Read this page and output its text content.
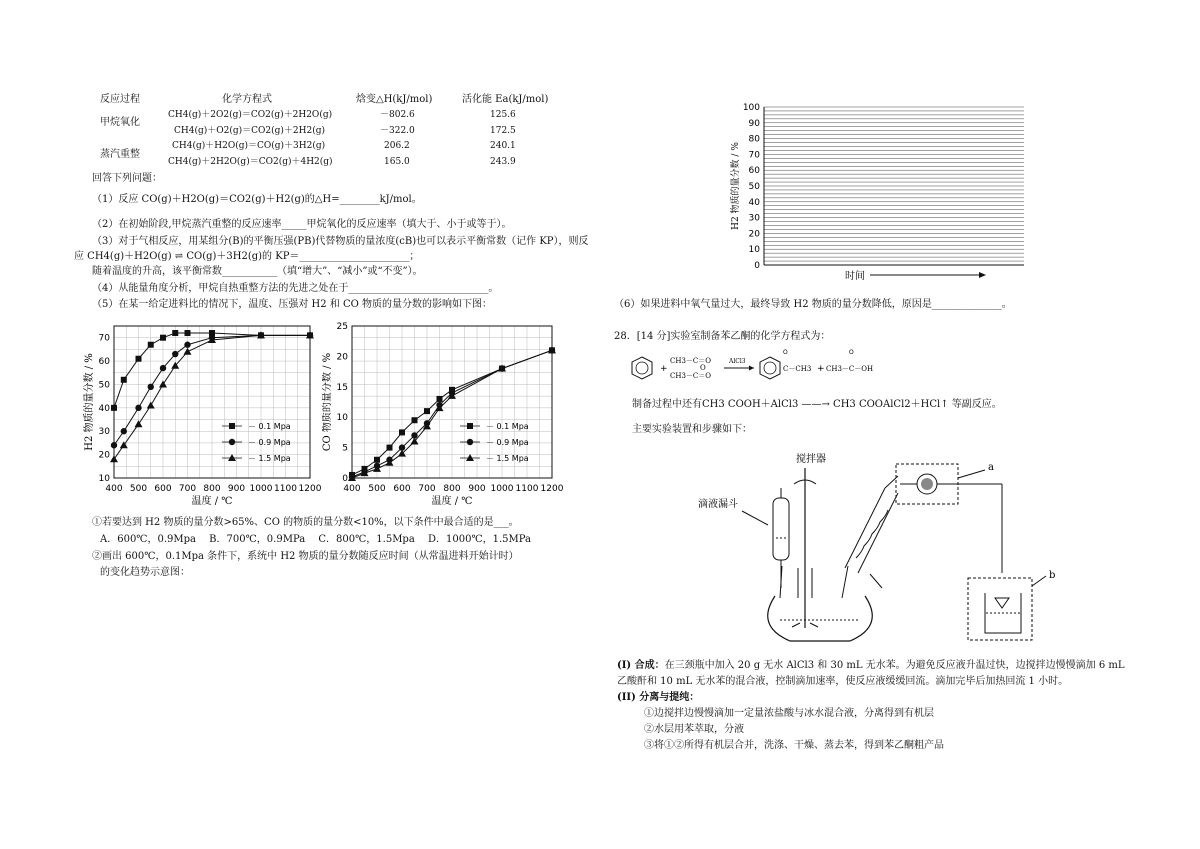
反应过程	化学方程式	焓变△H(kJ/mol)	活化能 Ea(kJ/mol)
甲烷氧化
CH4(g)＋2O2(g)＝CO2(g)＋2H2O(g)	－802.6	125.6
CH4(g)＋O2(g)＝CO2(g)＋2H2(g)	－322.0	172.5
蒸汽重整
CH4(g)＋H2O(g)＝CO(g)＋3H2(g)	206.2	240.1
CH4(g)＋2H2O(g)＝CO2(g)＋4H2(g)	165.0	243.9
回答下列问题：
（1）反应 CO(g)＋H2O(g)＝CO2(g)＋H2(g)的△H=________kJ/mol。
（2）在初始阶段,甲烷蒸汽重整的反应速率_____甲烷氧化的反应速率（填大于、小于或等于）。
（3）对于气相反应，用某组分(B)的平衡压强(PB)代替物质的量浓度(cB)也可以表示平衡常数（记作 KP），则反
应 CH4(g)＋H2O(g) ⇌ CO(g)＋3H2(g)的 KP＝______________________；
随着温度的升高，该平衡常数___________（填“增大”、“减小”或“不变”）。
（4）从能量角度分析，甲烷自热重整方法的先进之处在于____________________________。
（5）在某一给定进料比的情况下，温度、压强对 H2 和 CO 物质的量分数的影响如下图：
400 500 600 700 800 900 1000 1100 1200
10
20
30
40
50
60
70
温度 / ℃
H2 物质的量分数 / %	－ 0.1 Mpa
－ 0.9 Mpa
－ 1.5 Mpa
400 500 600 700 800 900 1000 1100 1200
0
5
10
15
20
25
温度 / ℃
CO 物质的量分数 / %	－ 0.1 Mpa
－ 0.9 Mpa
－ 1.5 Mpa
①若要达到 H2 物质的量分数>65%、CO 的物质的量分数<10%，以下条件中最合适的是___。
A．600℃，0.9Mpa　 B．700℃，0.9MPa　 C．800℃，1.5Mpa　 D．1000℃，1.5MPa
②画出 600℃，0.1Mpa 条件下，系统中 H2 物质的量分数随反应时间（从常温进料开始计时）
的变化趋势示意图：
0
10
20
30
40
50
60
70
80
90
100
H2 物质的量分数 / %
时间
（6）如果进料中氧气量过大，最终导致 H2 物质的量分数降低，原因是______________。
28．[14 分]实验室制备苯乙酮的化学方程式为：
+
CH3－C＝O
O
CH3－C＝O
AlCl3
O
C－CH3 +
O
CH3－C－OH
制备过程中还有CH3 COOH＋AlCl3 ——→ CH3 COOAlCl2＋HCl↑ 等副反应。
主要实验装置和步骤如下：
搅拌器
滴液漏斗
a
b
(I) 合成：在三颈瓶中加入 20 g 无水 AlCl3 和 30 mL 无水苯。为避免反应液升温过快，边搅拌边慢慢滴加 6 mL
乙酸酐和 10 mL 无水苯的混合液，控制滴加速率，使反应液缓缓回流。滴加完毕后加热回流 1 小时。
(II) 分离与提纯：
①边搅拌边慢慢滴加一定量浓盐酸与冰水混合液，分离得到有机层
②水层用苯萃取，分液
③将①②所得有机层合并，洗涤、干燥、蒸去苯，得到苯乙酮粗产品
